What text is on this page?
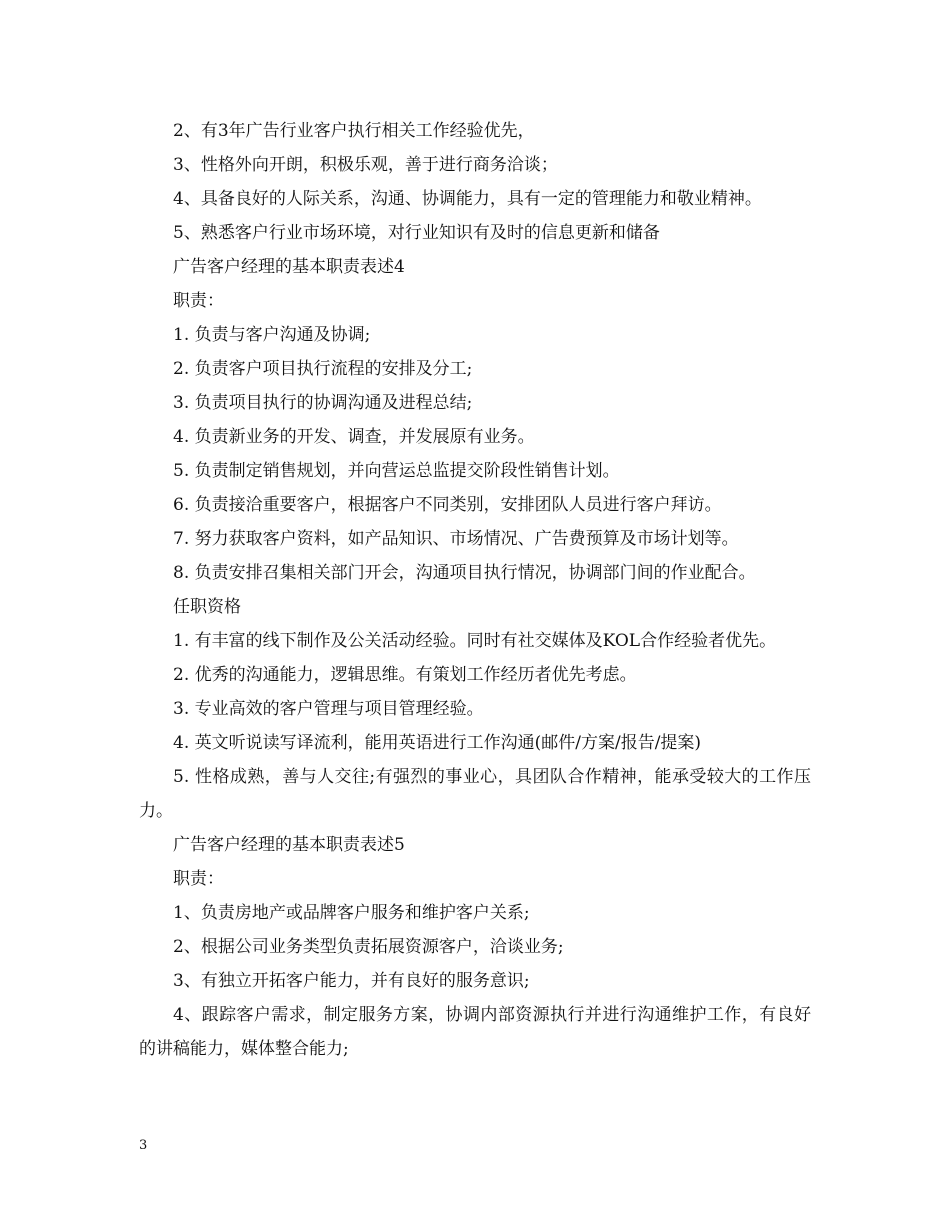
2、有3年广告行业客户执行相关工作经验优先，

3、性格外向开朗，积极乐观，善于进行商务洽谈；

4、具备良好的人际关系，沟通、协调能力，具有一定的管理能力和敬业精神。

5、熟悉客户行业市场环境，对行业知识有及时的信息更新和储备

广告客户经理的基本职责表述4

职责：

1. 负责与客户沟通及协调;

2. 负责客户项目执行流程的安排及分工;

3. 负责项目执行的协调沟通及进程总结;

4. 负责新业务的开发、调查，并发展原有业务。

5. 负责制定销售规划，并向营运总监提交阶段性销售计划。

6. 负责接洽重要客户，根据客户不同类别，安排团队人员进行客户拜访。

7. 努力获取客户资料，如产品知识、市场情况、广告费预算及市场计划等。

8. 负责安排召集相关部门开会，沟通项目执行情况，协调部门间的作业配合。

任职资格

1. 有丰富的线下制作及公关活动经验。同时有社交媒体及KOL合作经验者优先。

2. 优秀的沟通能力，逻辑思维。有策划工作经历者优先考虑。

3. 专业高效的客户管理与项目管理经验。

4. 英文听说读写译流利，能用英语进行工作沟通(邮件/方案/报告/提案)

5. 性格成熟，善与人交往;有强烈的事业心，具团队合作精神，能承受较大的工作压力。

广告客户经理的基本职责表述5

职责：

1、负责房地产或品牌客户服务和维护客户关系;

2、根据公司业务类型负责拓展资源客户，洽谈业务;

3、有独立开拓客户能力，并有良好的服务意识;

4、跟踪客户需求，制定服务方案，协调内部资源执行并进行沟通维护工作，有良好的讲稿能力，媒体整合能力;

3
